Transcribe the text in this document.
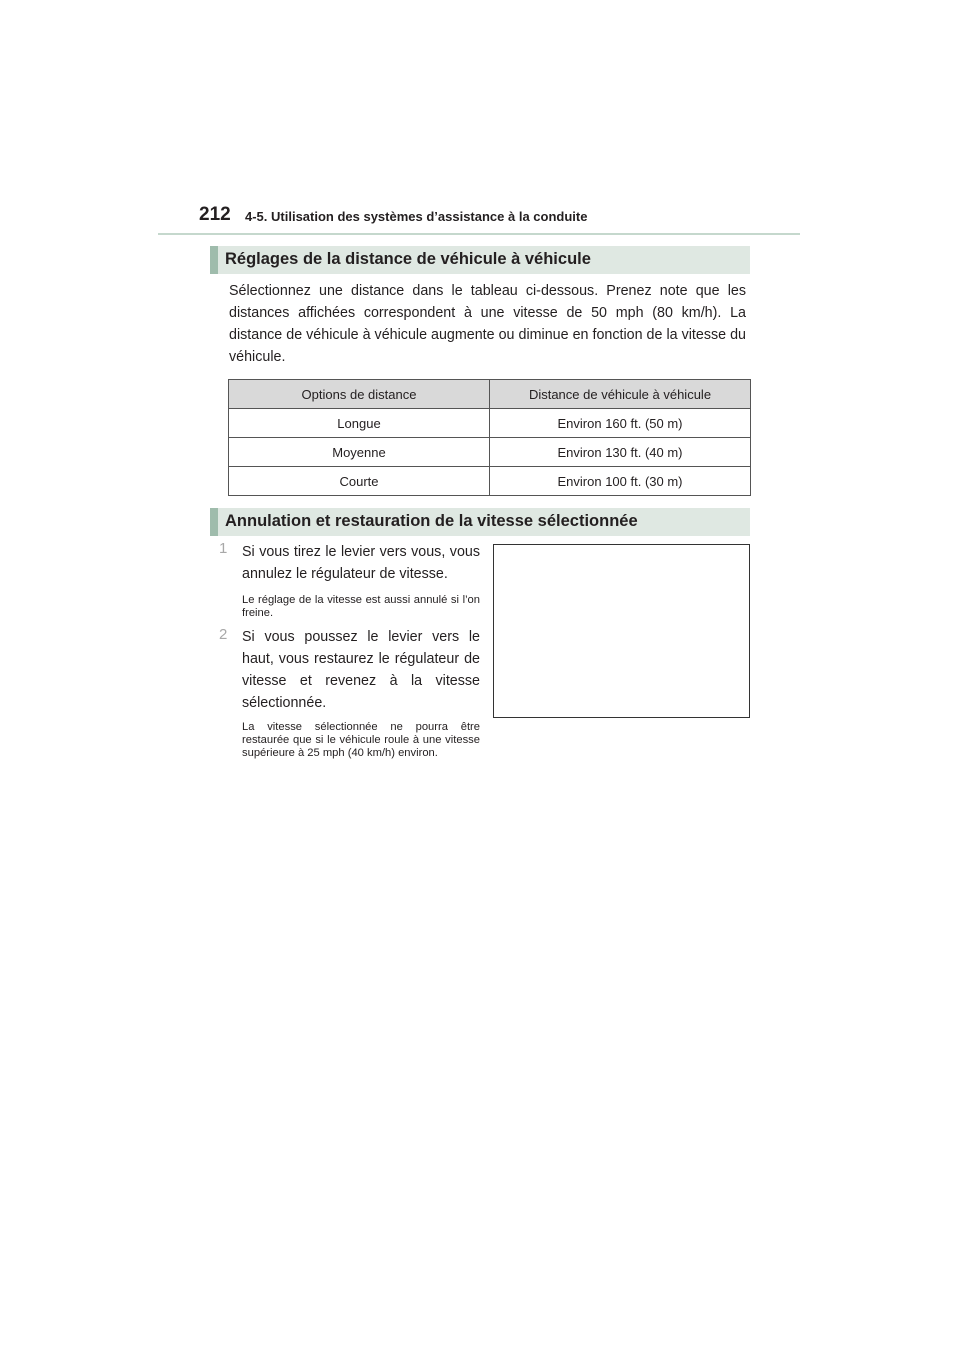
212 4-5. Utilisation des systèmes d’assistance à la conduite
Réglages de la distance de véhicule à véhicule

Sélectionnez une distance dans le tableau ci-dessous. Prenez note que les distances affichées correspondent à une vitesse de 50 mph (80 km/h). La distance de véhicule à véhicule augmente ou diminue en fonction de la vitesse du véhicule.

Options de distance	Distance de véhicule à véhicule
Longue	Environ 160 ft. (50 m)
Moyenne	Environ 130 ft. (40 m)
Courte	Environ 100 ft. (30 m)
Annulation et restauration de la vitesse sélectionnée
1 Si vous tirez le levier vers vous, vous annulez le régulateur de vitesse.

Le réglage de la vitesse est aussi annulé si l’on freine.

2 Si vous poussez le levier vers le haut, vous restaurez le régulateur de vitesse et revenez à la vitesse sélectionnée.

La vitesse sélectionnée ne pourra être restaurée que si le véhicule roule à une vitesse supérieure à 25 mph (40 km/h) environ.
